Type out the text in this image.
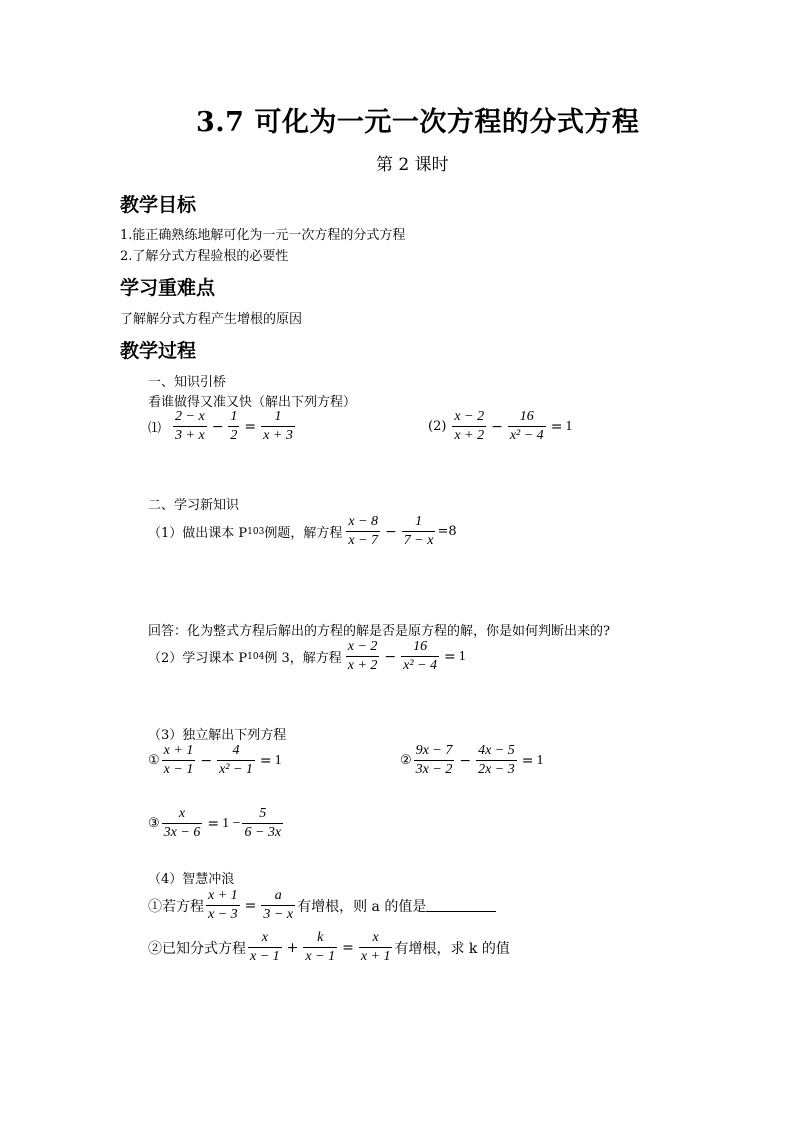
3.7 可化为一元一次方程的分式方程
第 2 课时
教学目标
1.能正确熟练地解可化为一元一次方程的分式方程
2.了解分式方程验根的必要性
学习重难点
了解解分式方程产生增根的原因
教学过程
一、知识引桥
看谁做得又准又快（解出下列方程）
⑴ $\frac{2 - x}{3 + x} - \frac{1}{2} = \frac{1}{x + 3}$	$(2) \frac{x - 2}{x + 2} - \frac{16}{\text{x² − 4}} = 1$
二、学习新知识
（1）做出课本 P 103 例题，解方程 $\frac{x - 8}{x - 7} - \frac{1}{7 - x} =8$
回答：化为整式方程后解出的方程的解是否是原方程的解，你是如何判断出来的?
（2）学习课本 P 104 例 3，解方程 $\frac{x - 2}{x + 2} - \frac{16}{\text{x² − 4}} = 1$
（3）独立解出下列方程
① $\frac{x + 1}{x - 1} - \frac{4}{\text{x² − 1}} = 1$	② $\frac{9x - 7}{3x - 2} - \frac{4x - 5}{2x - 3} = 1$
③ $\frac{x}{3x - 6} = 1 - \frac{5}{6 - 3x}$
（4）智慧冲浪
①若方程 $\frac{x + 1}{x - 3} = \frac{a}{3 - x}$ 有增根，则 a 的值是
②已知分式方程 $\frac{x}{x - 1} + \frac{k}{x - 1} = \frac{x}{x + 1}$ 有增根，求 k 的值
